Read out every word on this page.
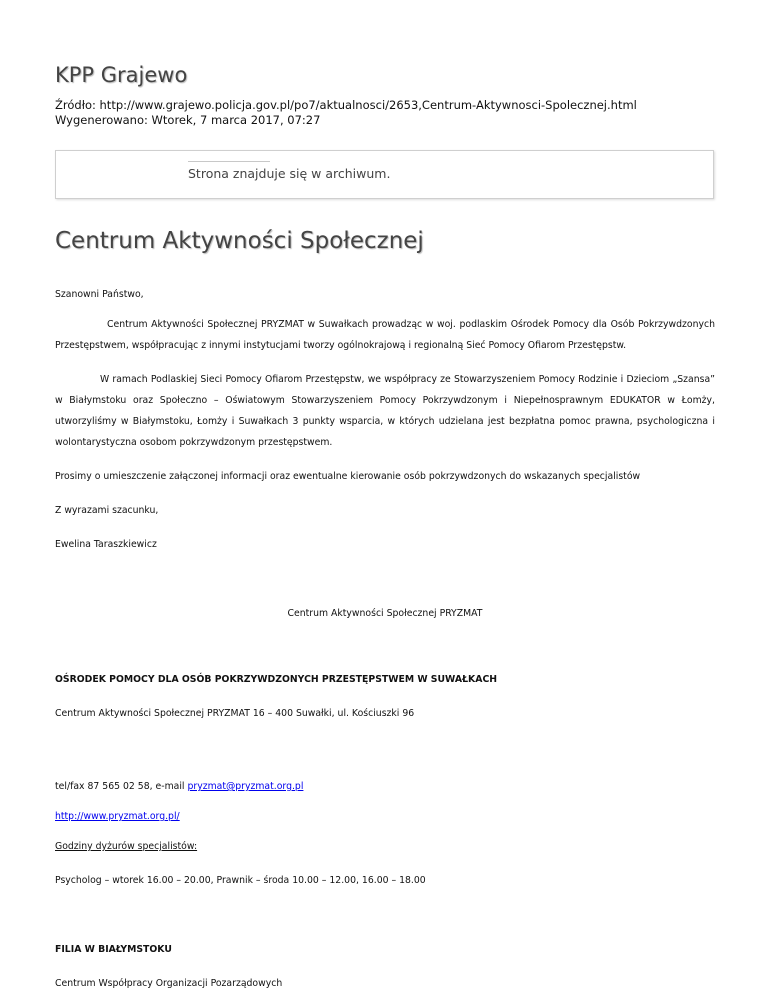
KPP Grajewo
Źródło: http://www.grajewo.policja.gov.pl/po7/aktualnosci/2653,Centrum-Aktywnosci-Spolecznej.html
Wygenerowano: Wtorek, 7 marca 2017, 07:27
Strona znajduje się w archiwum.
Centrum Aktywności Społecznej

Szanowni Państwo,

Centrum Aktywności Społecznej PRYZMAT w Suwałkach prowadząc w woj. podlaskim Ośrodek Pomocy dla Osób Pokrzywdzonych Przestępstwem, współpracując z innymi instytucjami tworzy ogólnokrajową i regionalną Sieć Pomocy Ofiarom Przestępstw.

W ramach Podlaskiej Sieci Pomocy Ofiarom Przestępstw, we współpracy ze Stowarzyszeniem Pomocy Rodzinie i Dzieciom „Szansa” w Białymstoku oraz Społeczno – Oświatowym Stowarzyszeniem Pomocy Pokrzywdzonym i Niepełnosprawnym EDUKATOR w Łomży, utworzyliśmy w Białymstoku, Łomży i Suwałkach 3 punkty wsparcia, w których udzielana jest bezpłatna pomoc prawna, psychologiczna i wolontarystyczna osobom pokrzywdzonym przestępstwem.

Prosimy o umieszczenie załączonej informacji oraz ewentualne kierowanie osób pokrzywdzonych do wskazanych specjalistów

Z wyrazami szacunku,

Ewelina Taraszkiewicz

Centrum Aktywności Społecznej PRYZMAT

OŚRODEK POMOCY DLA OSÓB POKRZYWDZONYCH PRZESTĘPSTWEM W SUWAŁKACH

Centrum Aktywności Społecznej PRYZMAT 16 – 400 Suwałki, ul. Kościuszki 96

tel/fax 87 565 02 58, e-mail pryzmat@pryzmat.org.pl

http://www.pryzmat.org.pl/

Godziny dyżurów specjalistów:

Psycholog – wtorek 16.00 – 20.00, Prawnik – środa 10.00 – 12.00, 16.00 – 18.00

FILIA W BIAŁYMSTOKU

Centrum Współpracy Organizacji Pozarządowych
